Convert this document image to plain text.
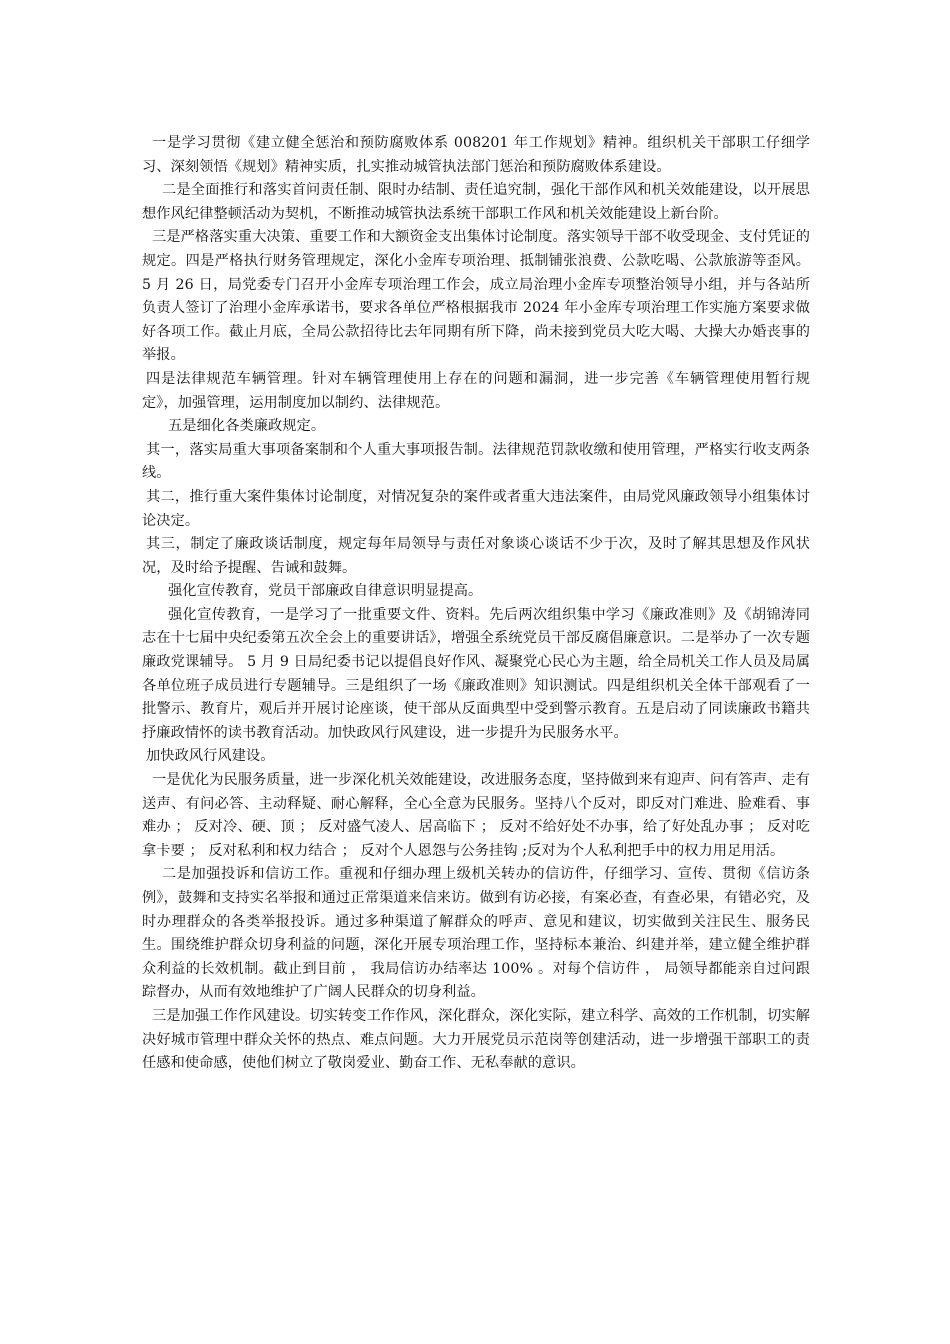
一是学习贯彻《建立健全惩治和预防腐败体系 008201 年工作规划》精神。组织机关干部职工仔细学习、深刻领悟《规划》精神实质，扎实推动城管执法部门惩治和预防腐败体系建设。

二是全面推行和落实首问责任制、限时办结制、责任追究制，强化干部作风和机关效能建设，以开展思想作风纪律整顿活动为契机，不断推动城管执法系统干部职工作风和机关效能建设上新台阶。

三是严格落实重大决策、重要工作和大额资金支出集体讨论制度。落实领导干部不收受现金、支付凭证的规定。四是严格执行财务管理规定，深化小金库专项治理、抵制铺张浪费、公款吃喝、公款旅游等歪风。 5 月 26 日，局党委专门召开小金库专项治理工作会，成立局治理小金库专项整治领导小组，并与各站所负责人签订了治理小金库承诺书，要求各单位严格根据我市 2024 年小金库专项治理工作实施方案要求做好各项工作。截止月底，全局公款招待比去年同期有所下降，尚未接到党员大吃大喝、大操大办婚丧事的举报。

四是法律规范车辆管理。针对车辆管理使用上存在的问题和漏洞，进一步完善《车辆管理使用暂行规定》，加强管理，运用制度加以制约、法律规范。

五是细化各类廉政规定。

其一，落实局重大事项备案制和个人重大事项报告制。法律规范罚款收缴和使用管理，严格实行收支两条线。

其二，推行重大案件集体讨论制度，对情况复杂的案件或者重大违法案件，由局党风廉政领导小组集体讨论决定。

其三，制定了廉政谈话制度，规定每年局领导与责任对象谈心谈话不少于次，及时了解其思想及作风状况，及时给予提醒、告诫和鼓舞。

强化宣传教育，党员干部廉政自律意识明显提高。

强化宣传教育，一是学习了一批重要文件、资料。先后两次组织集中学习《廉政准则》及《胡锦涛同志在十七届中央纪委第五次全会上的重要讲话》，增强全系统党员干部反腐倡廉意识。二是举办了一次专题廉政党课辅导。 5 月 9 日局纪委书记以提倡良好作风、凝聚党心民心为主题，给全局机关工作人员及局属各单位班子成员进行专题辅导。三是组织了一场《廉政准则》知识测试。四是组织机关全体干部观看了一批警示、教育片，观后并开展讨论座谈，使干部从反面典型中受到警示教育。五是启动了同读廉政书籍共抒廉政情怀的读书教育活动。加快政风行风建设，进一步提升为民服务水平。

加快政风行风建设。

一是优化为民服务质量，进一步深化机关效能建设，改进服务态度，坚持做到来有迎声、问有答声、走有送声、有问必答、主动释疑、耐心解释，全心全意为民服务。坚持八个反对，即反对门难进、脸难看、事难办 ； 反对冷、硬、顶 ； 反对盛气凌人、居高临下 ； 反对不给好处不办事，给了好处乱办事 ； 反对吃拿卡要 ； 反对私利和权力结合 ； 反对个人恩怨与公务挂钩 ;反对为个人私利把手中的权力用足用活。

二是加强投诉和信访工作。重视和仔细办理上级机关转办的信访件，仔细学习、宣传、贯彻《信访条例》，鼓舞和支持实名举报和通过正常渠道来信来访。做到有访必接，有案必查，有查必果，有错必究，及时办理群众的各类举报投诉。通过多种渠道了解群众的呼声、意见和建议，切实做到关注民生、服务民生。围绕维护群众切身利益的问题，深化开展专项治理工作，坚持标本兼治、纠建并举，建立健全维护群众利益的长效机制。截止到目前 ， 我局信访办结率达 100% 。对每个信访件 ， 局领导都能亲自过问跟踪督办，从而有效地维护了广阔人民群众的切身利益。

三是加强工作作风建设。切实转变工作作风，深化群众，深化实际，建立科学、高效的工作机制，切实解决好城市管理中群众关怀的热点、难点问题。大力开展党员示范岗等创建活动，进一步增强干部职工的责任感和使命感，使他们树立了敬岗爱业、勤奋工作、无私奉献的意识。
